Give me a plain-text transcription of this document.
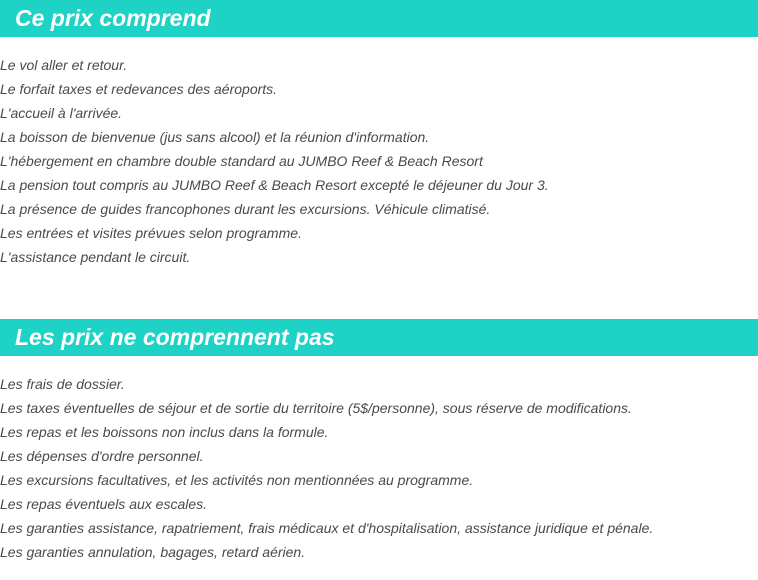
Ce prix comprend
Le vol aller et retour.
Le forfait taxes et redevances des aéroports.
L'accueil à l'arrivée.
La boisson de bienvenue (jus sans alcool) et la réunion d'information.
L'hébergement en chambre double standard au JUMBO Reef & Beach Resort
La pension tout compris au JUMBO Reef & Beach Resort excepté le déjeuner du Jour 3.
La présence de guides francophones durant les excursions. Véhicule climatisé.
Les entrées et visites prévues selon programme.
L'assistance pendant le circuit.
Les prix ne comprennent pas
Les frais de dossier.
Les taxes éventuelles de séjour et de sortie du territoire (5$/personne), sous réserve de modifications.
Les repas et les boissons non inclus dans la formule.
Les dépenses d'ordre personnel.
Les excursions facultatives, et les activités non mentionnées au programme.
Les repas éventuels aux escales.
Les garanties assistance, rapatriement, frais médicaux et d'hospitalisation, assistance juridique et pénale.
Les garanties annulation, bagages, retard aérien.
